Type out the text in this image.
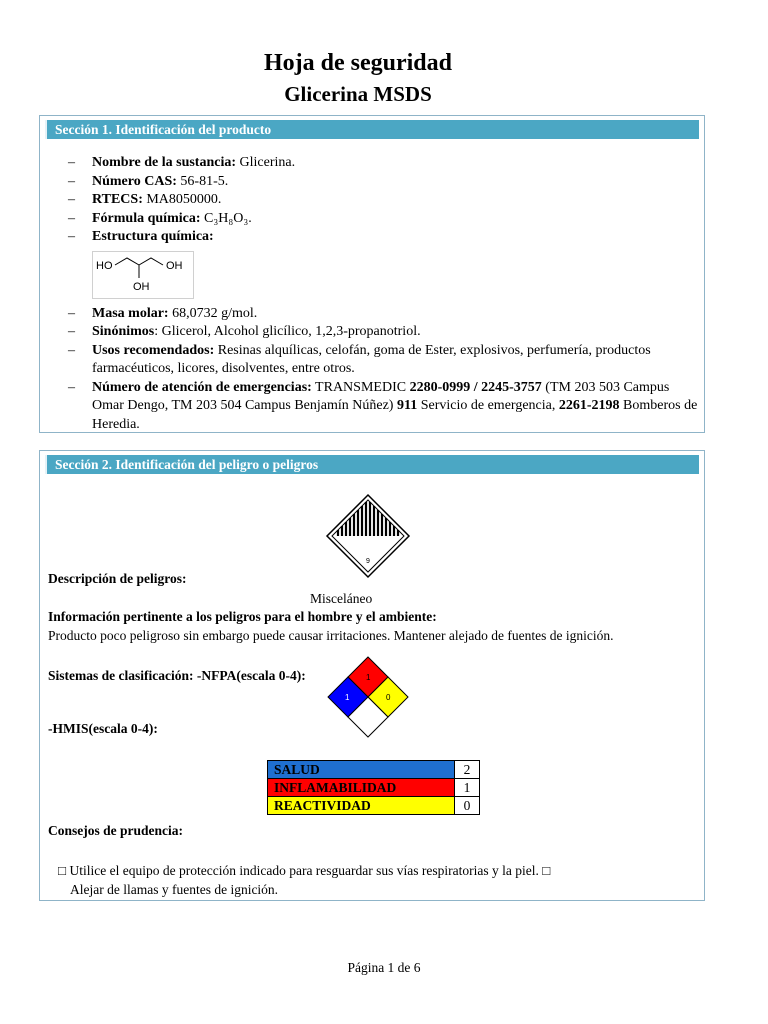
Hoja de seguridad
Glicerina MSDS
Sección 1. Identificación del producto
– Nombre de la sustancia: Glicerina.
– Número CAS: 56-81-5.
– RTECS: MA8050000.
– Fórmula química: C₃H₈O₃.
– Estructura química:
HO	OH
OH
– Masa molar: 68,0732 g/mol.
– Sinónimos: Glicerol, Alcohol glicílico, 1,2,3-propanotriol.
– Usos recomendados: Resinas alquílicas, celofán, goma de Ester, explosivos, perfumería, productos farmacéuticos, licores, disolventes, entre otros.
– Número de atención de emergencias: TRANSMEDIC 2280-0999 / 2245-3757 (TM 203 503 Campus Omar Dengo, TM 203 504 Campus Benjamín Núñez) 911 Servicio de emergencia, 2261-2198 Bomberos de Heredia.
Sección 2. Identificación del peligro o peligros
9
Descripción de peligros:
Misceláneo
Información pertinente a los peligros para el hombre y el ambiente:
Producto poco peligroso sin embargo puede causar irritaciones. Mantener alejado de fuentes de ignición.
Sistemas de clasificación: -NFPA(escala 0-4):
-HMIS(escala 0-4):
1
1	0
SALUD	2
INFLAMABILIDAD	1
REACTIVIDAD	0
Consejos de prudencia:
□ Utilice el equipo de protección indicado para resguardar sus vías respiratorias y la piel. □
Alejar de llamas y fuentes de ignición.
Página 1 de 6
